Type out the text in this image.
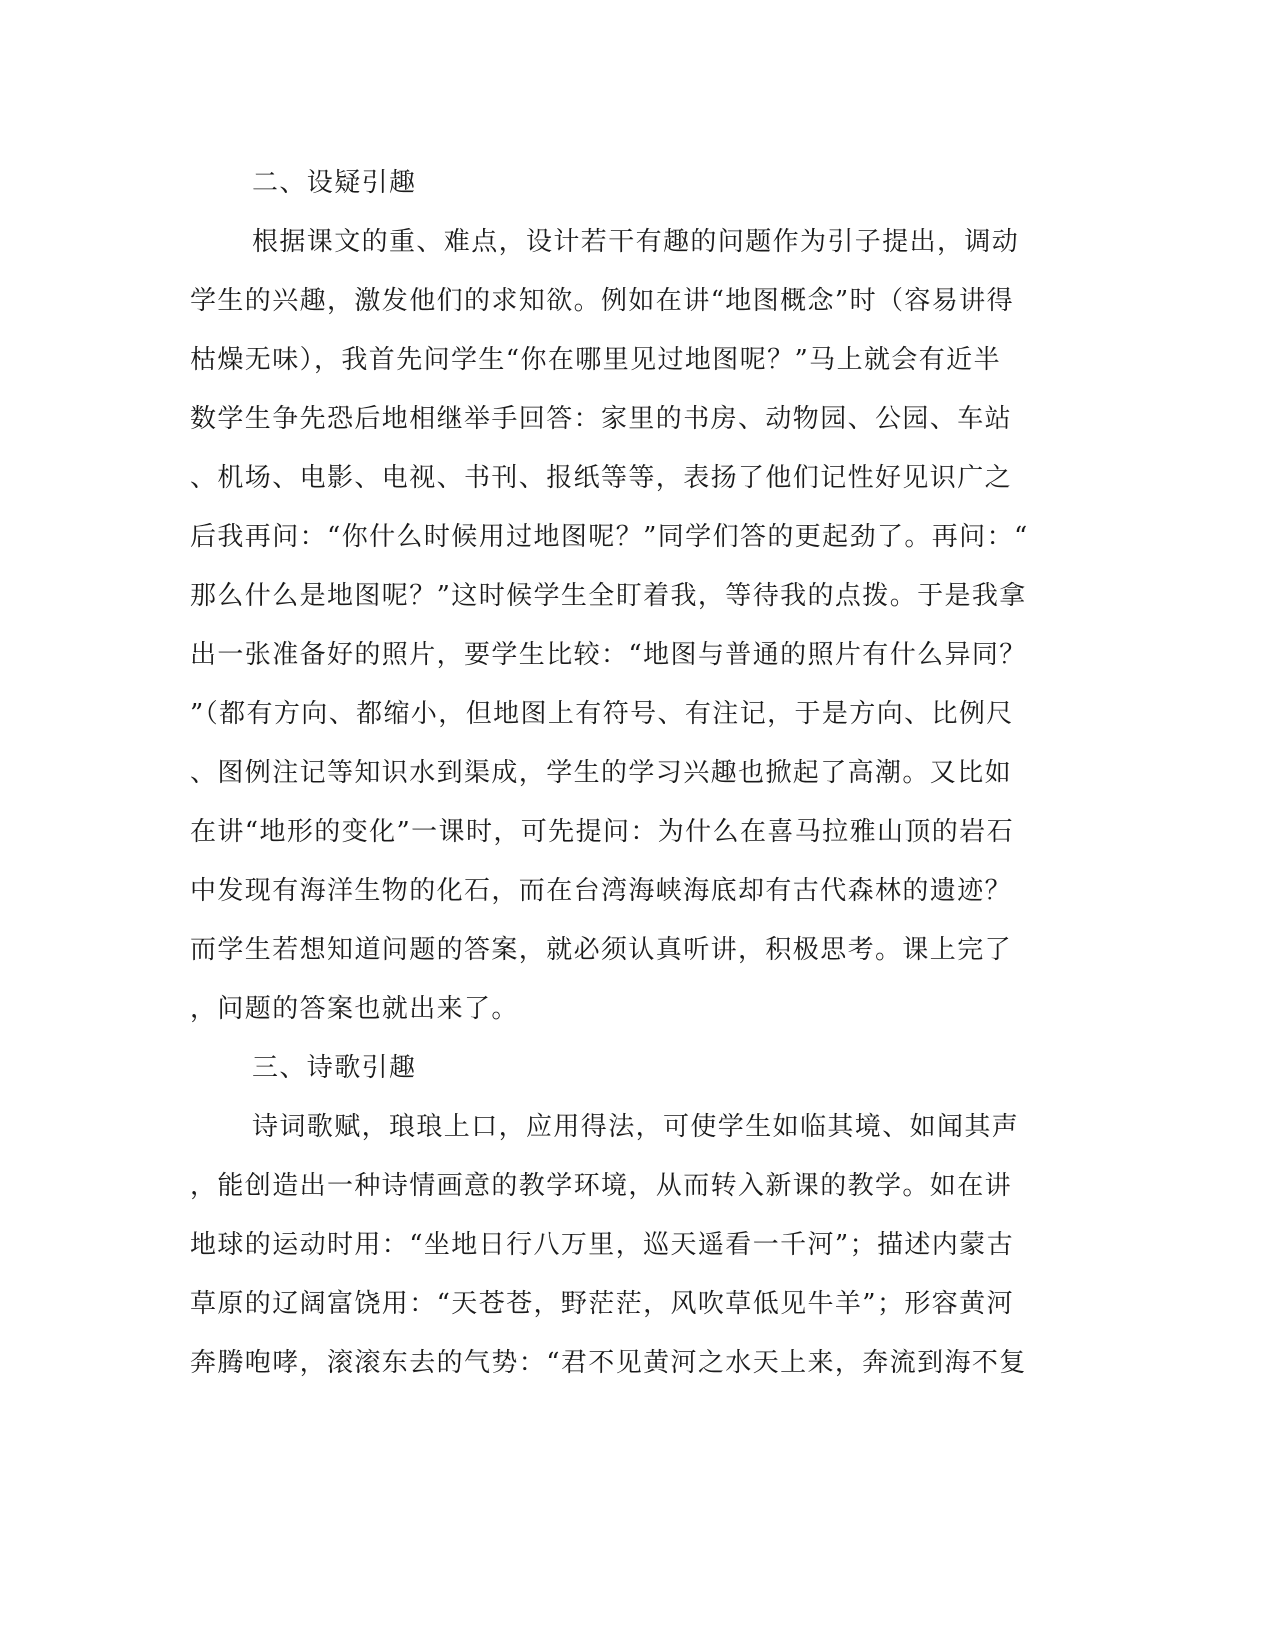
二、设疑引趣
根据课文的重、难点，设计若干有趣的问题作为引子提出，调动
学生的兴趣，激发他们的求知欲。例如在讲“地图概念”时（容易讲得
枯燥无味），我首先问学生“你在哪里见过地图呢？”马上就会有近半
数学生争先恐后地相继举手回答：家里的书房、动物园、公园、车站
、机场、电影、电视、书刊、报纸等等，表扬了他们记性好见识广之
后我再问：“你什么时候用过地图呢？”同学们答的更起劲了。再问：“
那么什么是地图呢？”这时候学生全盯着我，等待我的点拨。于是我拿
出一张准备好的照片，要学生比较：“地图与普通的照片有什么异同？
”（都有方向、都缩小，但地图上有符号、有注记，于是方向、比例尺
、图例注记等知识水到渠成，学生的学习兴趣也掀起了高潮。又比如
在讲“地形的变化”一课时，可先提问：为什么在喜马拉雅山顶的岩石
中发现有海洋生物的化石，而在台湾海峡海底却有古代森林的遗迹？
而学生若想知道问题的答案，就必须认真听讲，积极思考。课上完了
，问题的答案也就出来了。
三、诗歌引趣
诗词歌赋，琅琅上口，应用得法，可使学生如临其境、如闻其声
，能创造出一种诗情画意的教学环境，从而转入新课的教学。如在讲
地球的运动时用：“坐地日行八万里，巡天遥看一千河”；描述内蒙古
草原的辽阔富饶用：“天苍苍，野茫茫，风吹草低见牛羊”；形容黄河
奔腾咆哮，滚滚东去的气势：“君不见黄河之水天上来，奔流到海不复
